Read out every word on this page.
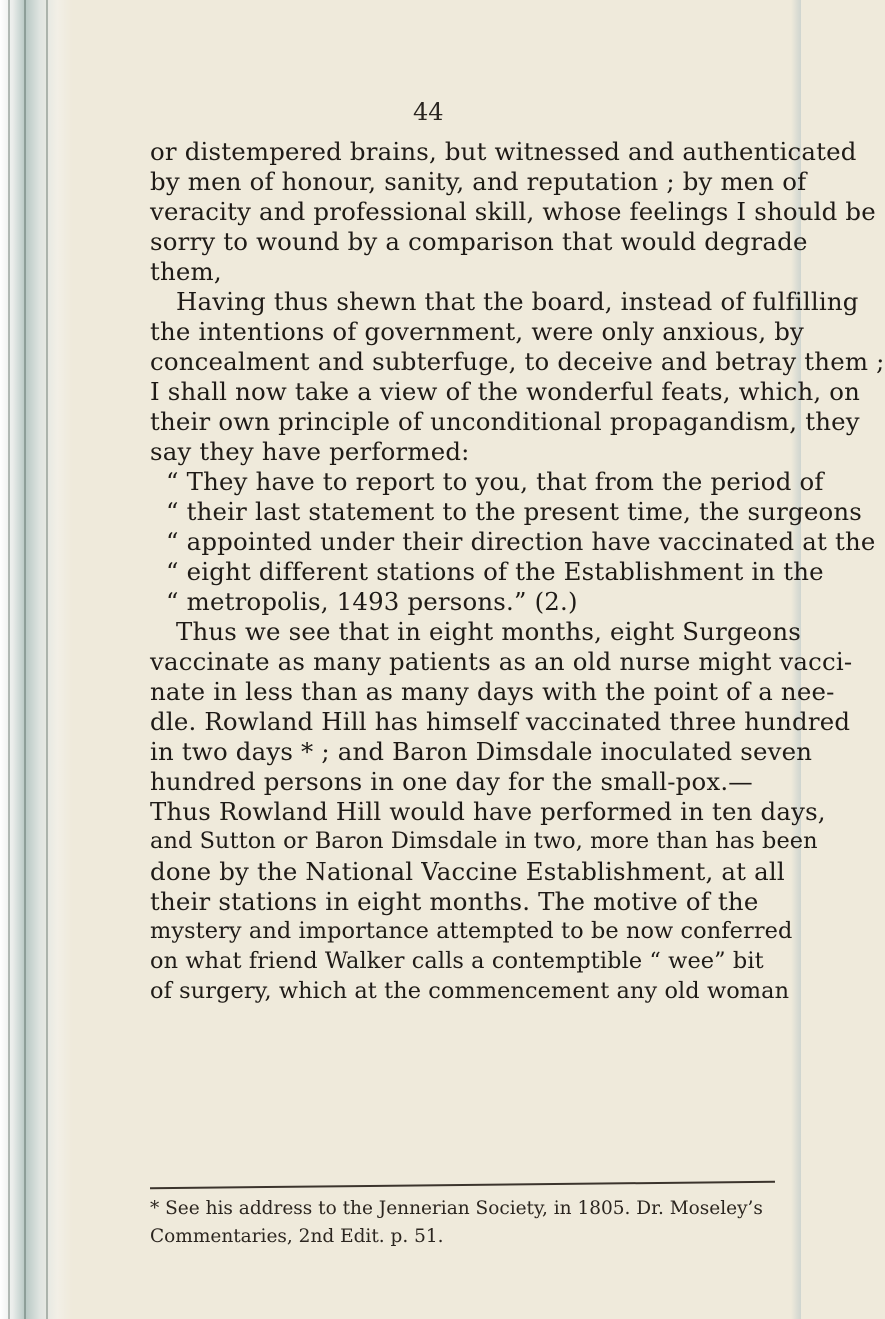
44
or distempered brains, but witnessed and authenticated
by men of honour, sanity, and reputation ; by men of
veracity and professional skill, whose feelings I should be
sorry to wound by a comparison that would degrade
them,
Having thus shewn that the board, instead of fulfilling
the intentions of government, were only anxious, by
concealment and subterfuge, to deceive and betray them ;
I shall now take a view of the wonderful feats, which, on
their own principle of unconditional propagandism, they
say they have performed:
“ They have to report to you, that from the period of
“ their last statement to the present time, the surgeons
“ appointed under their direction have vaccinated at the
“ eight different stations of the Establishment in the
“ metropolis, 1493 persons.” (2.)
Thus we see that in eight months, eight Surgeons
vaccinate as many patients as an old nurse might vacci-
nate in less than as many days with the point of a nee-
dle. Rowland Hill has himself vaccinated three hundred
in two days * ; and Baron Dimsdale inoculated seven
hundred persons in one day for the small-pox.—
Thus Rowland Hill would have performed in ten days,
and Sutton or Baron Dimsdale in two, more than has been
done by the National Vaccine Establishment, at all
their stations in eight months. The motive of the
mystery and importance attempted to be now conferred
on what friend Walker calls a contemptible “ wee” bit
of surgery, which at the commencement any old woman
* See his address to the Jennerian Society, in 1805. Dr. Moseley’s
Commentaries, 2nd Edit. p. 51.
